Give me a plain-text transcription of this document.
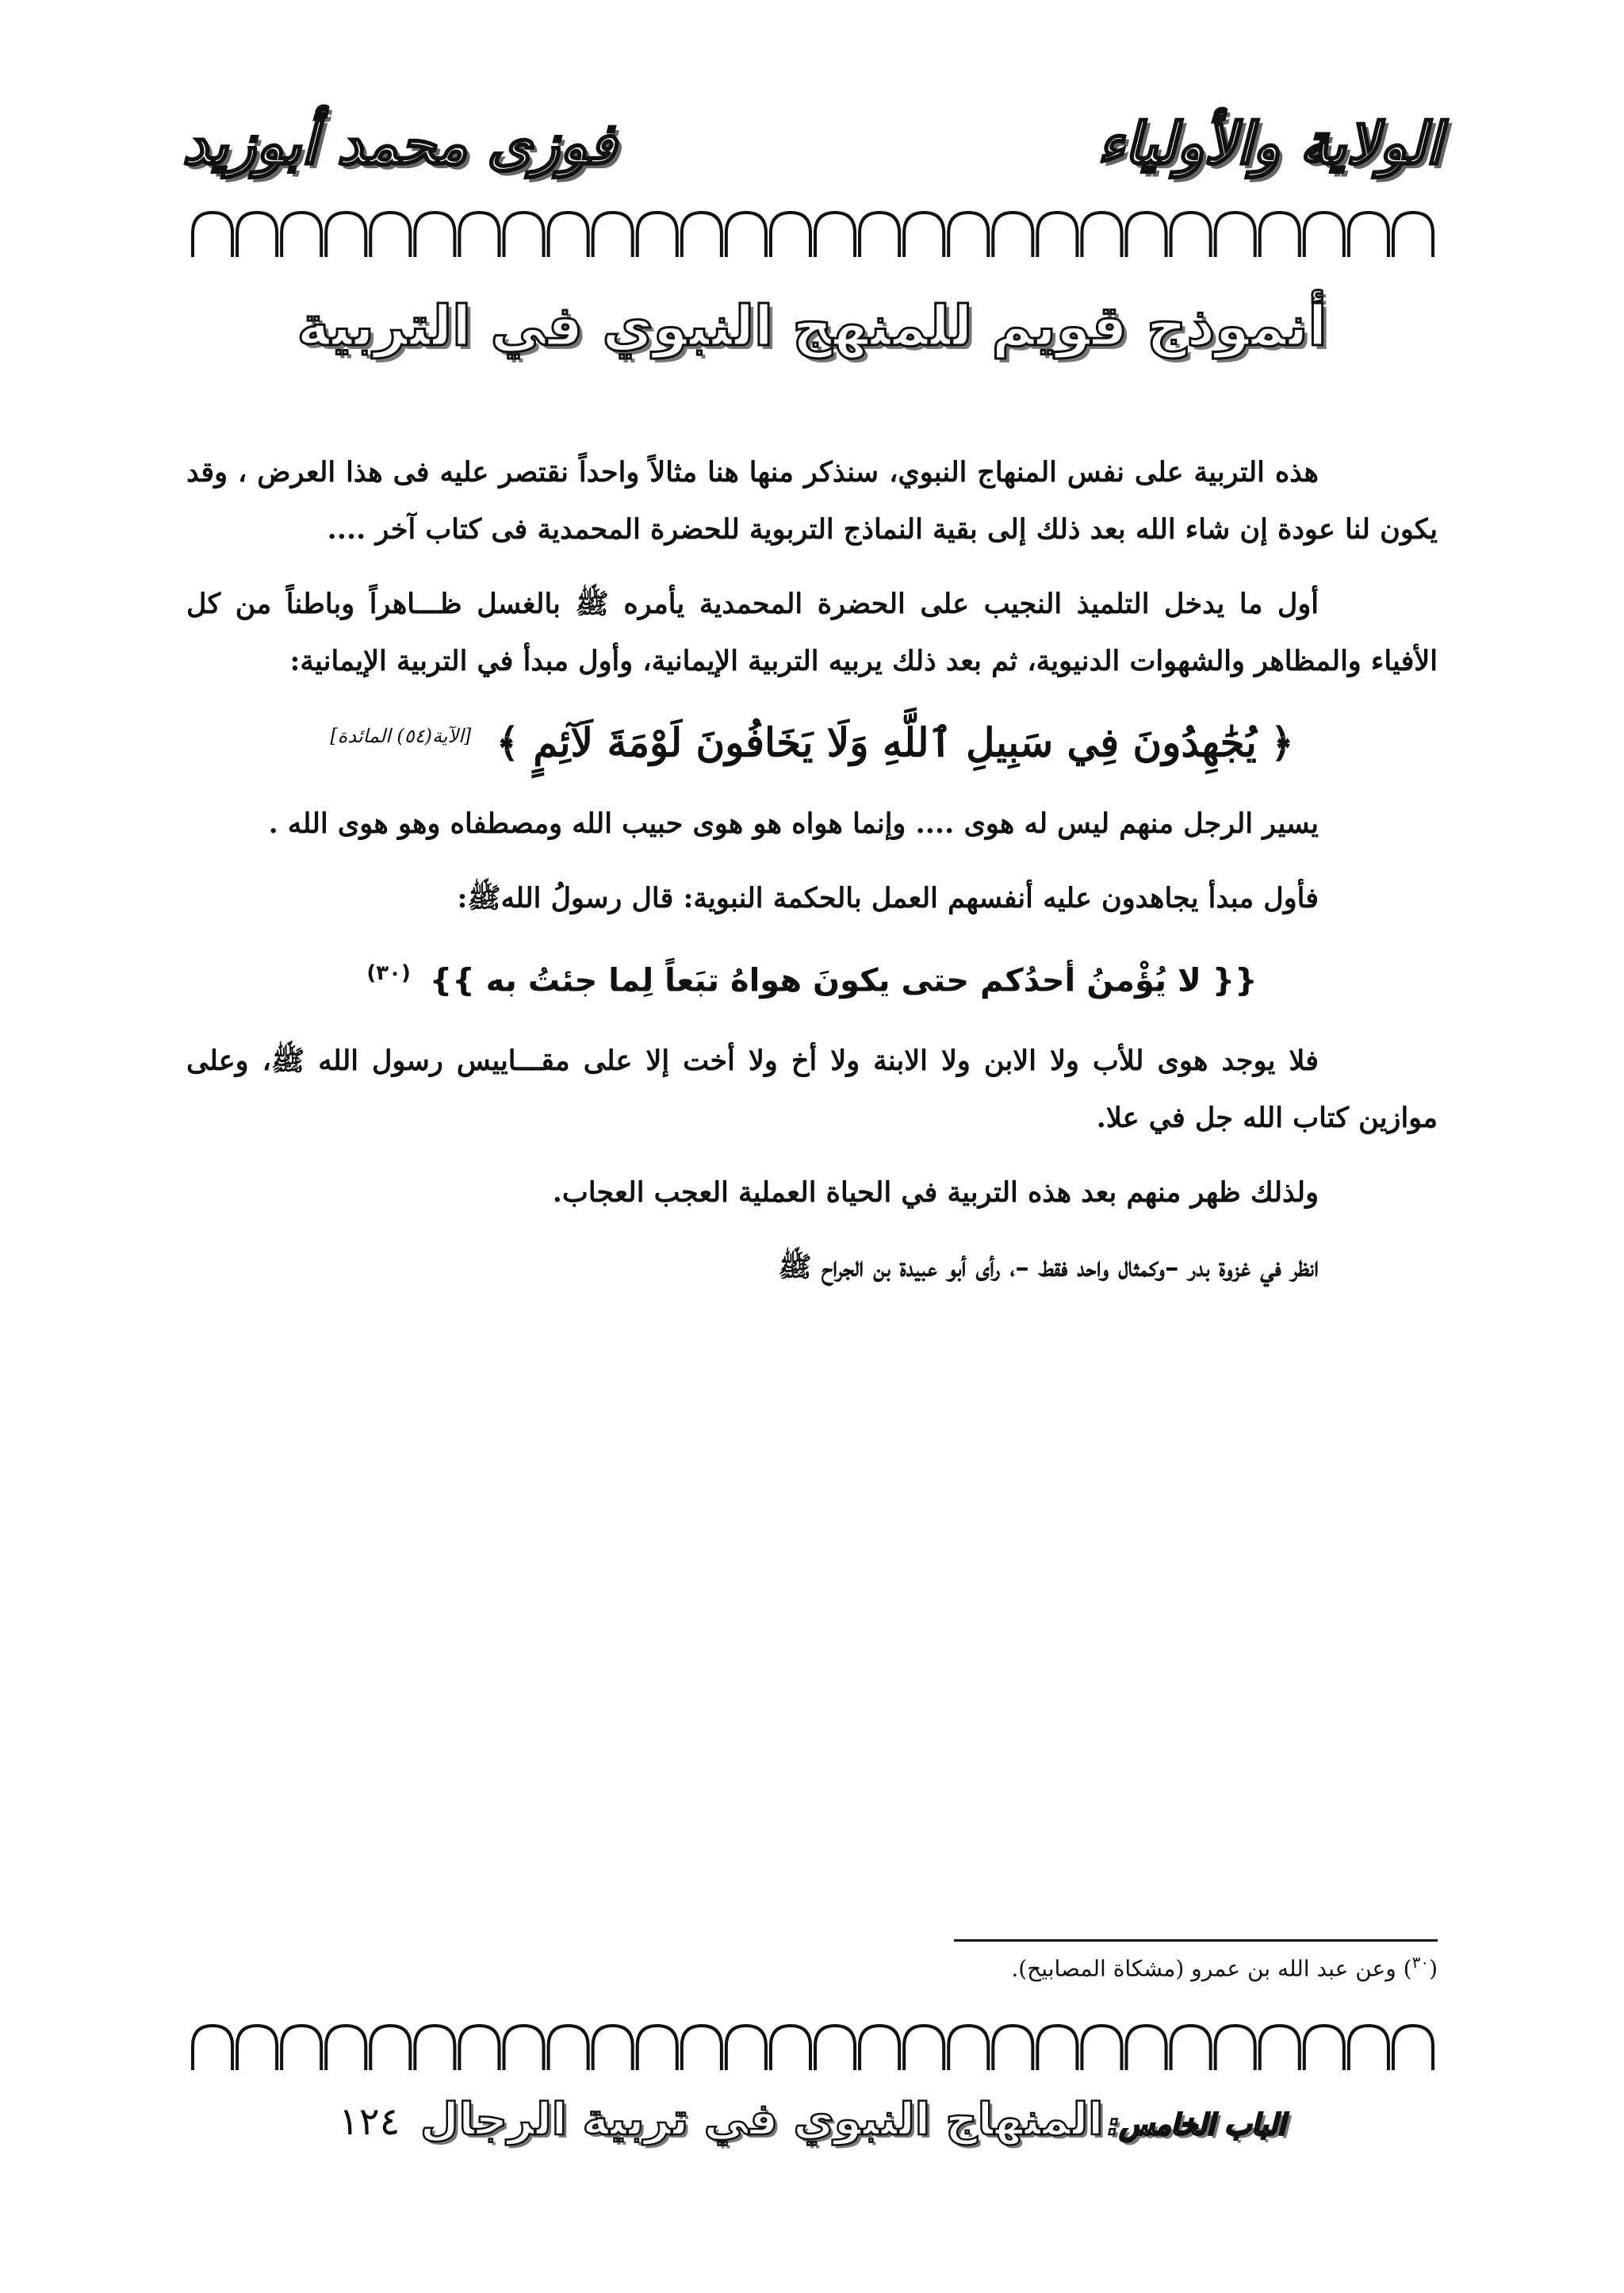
الولاية والأولياء
فوزى محمد أبوزيد
أنموذج قويم للمنهج النبوي في التربية

هذه التربية على نفس المنهاج النبوي، سنذكر منها هنا مثالاً واحداً نقتصر عليه فى هذا العرض ، وقد يكون لنا عودة إن شاء الله بعد ذلك إلى بقية النماذج التربوية للحضرة المحمدية فى كتاب آخر ....

أول ما يدخل التلميذ النجيب على الحضرة المحمدية يأمره ﷺ بالغسل ظـــاهراً وباطناً من كل الأفياء والمظاهر والشهوات الدنيوية، ثم بعد ذلك يربيه التربية الإيمانية، وأول مبدأ في التربية الإيمانية:

﴿ يُجَٰهِدُونَ فِي سَبِيلِ ٱللَّهِ وَلَا يَخَافُونَ لَوْمَةَ لَآئِمٍ ﴾ [الآية(٥٤) المائدة]

يسير الرجل منهم ليس له هوى .... وإنما هواه هو هوى حبيب الله ومصطفاه وهو هوى الله .

فأول مبدأ يجاهدون عليه أنفسهم العمل بالحكمة النبوية: قال رسولُ اللهﷺ:

{{ لا يُؤْمنُ أحدُكم حتى يكونَ هواهُ تبَعاً لِما جئتُ به }} $^{(٣٠)}$

فلا يوجد هوى للأب ولا الابن ولا الابنة ولا أخ ولا أخت إلا على مقـــاييس رسول الله ﷺ، وعلى موازين كتاب الله جل في علا.

ولذلك ظهر منهم بعد هذه التربية في الحياة العملية العجب العجاب.

انظر في غزوة بدر –وكمثال واحد فقط –، رأى أبو عبيدة بن الجراح ﷺ

($^{٣٠}$) وعن عبد الله بن عمرو (مشكاة المصابيح).
الباب الخامس: المنهاج النبوي في تربية الرجال ١٢٤
